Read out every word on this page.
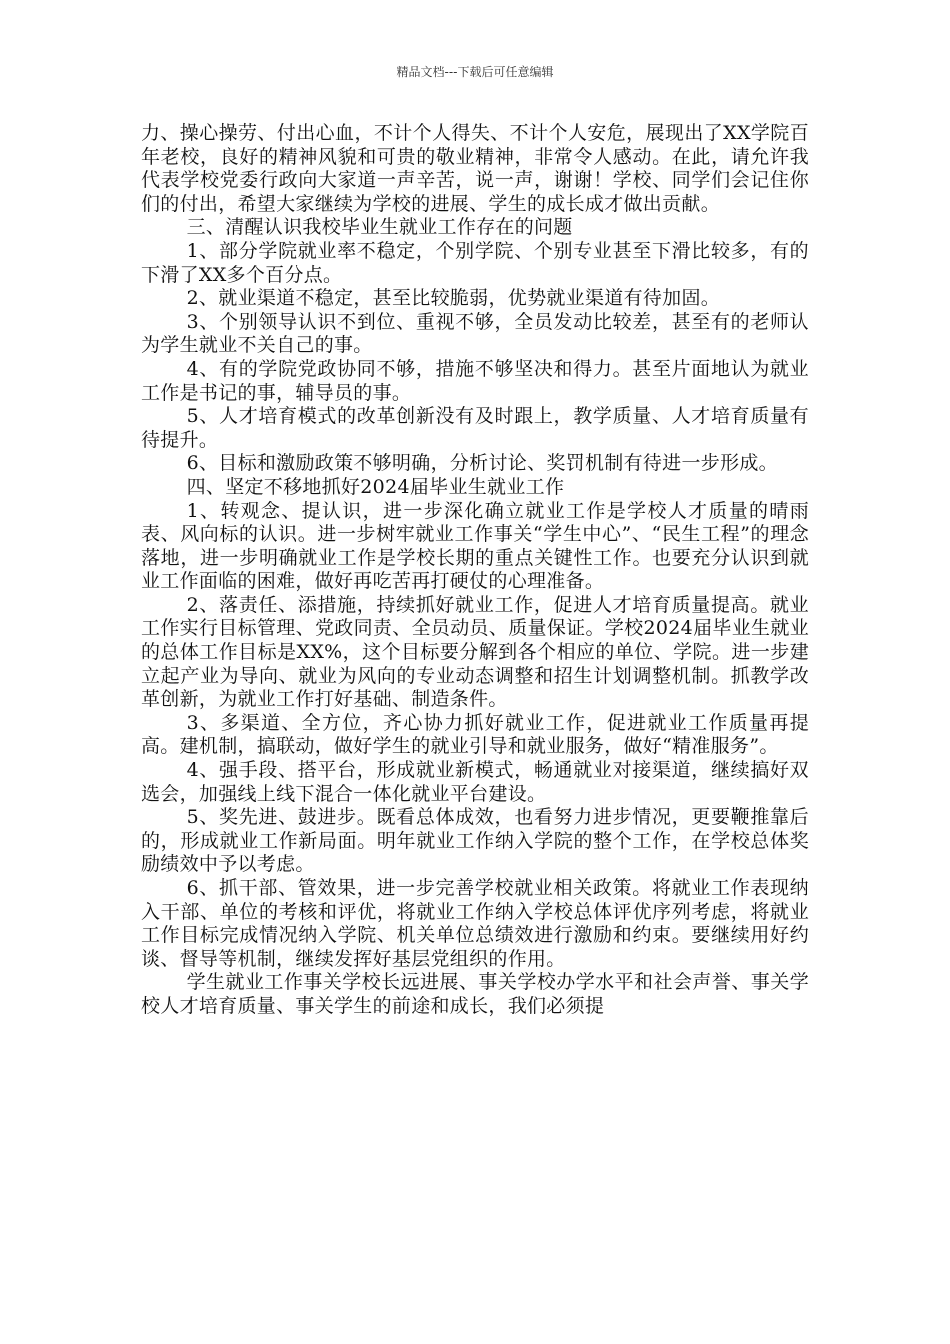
精品文档---下载后可任意编辑

力、操心操劳、付出心血，不计个人得失、不计个人安危，展现出了XX学院百年老校，良好的精神风貌和可贵的敬业精神，非常令人感动。在此，请允许我代表学校党委行政向大家道一声辛苦，说一声，谢谢！学校、同学们会记住你们的付出，希望大家继续为学校的进展、学生的成长成才做出贡献。

三、清醒认识我校毕业生就业工作存在的问题

1、部分学院就业率不稳定，个别学院、个别专业甚至下滑比较多，有的下滑了XX多个百分点。

2、就业渠道不稳定，甚至比较脆弱，优势就业渠道有待加固。

3、个别领导认识不到位、重视不够，全员发动比较差，甚至有的老师认为学生就业不关自己的事。

4、有的学院党政协同不够，措施不够坚决和得力。甚至片面地认为就业工作是书记的事，辅导员的事。

5、人才培育模式的改革创新没有及时跟上，教学质量、人才培育质量有待提升。

6、目标和激励政策不够明确，分析讨论、奖罚机制有待进一步形成。

四、坚定不移地抓好2024届毕业生就业工作

1、转观念、提认识，进一步深化确立就业工作是学校人才质量的晴雨表、风向标的认识。进一步树牢就业工作事关“学生中心”、“民生工程”的理念落地，进一步明确就业工作是学校长期的重点关键性工作。也要充分认识到就业工作面临的困难，做好再吃苦再打硬仗的心理准备。

2、落责任、添措施，持续抓好就业工作，促进人才培育质量提高。就业工作实行目标管理、党政同责、全员动员、质量保证。学校2024届毕业生就业的总体工作目标是XX%，这个目标要分解到各个相应的单位、学院。进一步建立起产业为导向、就业为风向的专业动态调整和招生计划调整机制。抓教学改革创新，为就业工作打好基础、制造条件。

3、多渠道、全方位，齐心协力抓好就业工作，促进就业工作质量再提高。建机制，搞联动，做好学生的就业引导和就业服务，做好“精准服务”。

4、强手段、搭平台，形成就业新模式，畅通就业对接渠道，继续搞好双选会，加强线上线下混合一体化就业平台建设。

5、奖先进、鼓进步。既看总体成效，也看努力进步情况，更要鞭推靠后的，形成就业工作新局面。明年就业工作纳入学院的整个工作，在学校总体奖励绩效中予以考虑。

6、抓干部、管效果，进一步完善学校就业相关政策。将就业工作表现纳入干部、单位的考核和评优，将就业工作纳入学校总体评优序列考虑，将就业工作目标完成情况纳入学院、机关单位总绩效进行激励和约束。要继续用好约谈、督导等机制，继续发挥好基层党组织的作用。

学生就业工作事关学校长远进展、事关学校办学水平和社会声誉、事关学校人才培育质量、事关学生的前途和成长，我们必须提
